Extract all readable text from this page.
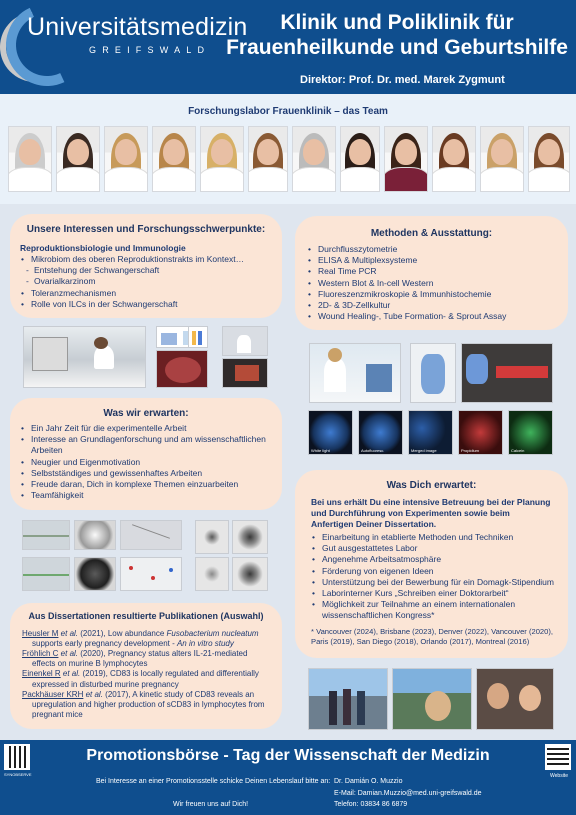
Universitätsmedizin
GREIFSWALD
Klinik und Poliklinik für
Frauenheilkunde und Geburtshilfe
Direktor: Prof. Dr. med. Marek Zygmunt
Forschungslabor Frauenklinik – das Team
Unsere Interessen und Forschungsschwerpunkte:
Reproduktionsbiologie und Immunologie
• Mikrobiom des oberen Reproduktionstrakts im Kontext…
- Entstehung der Schwangerschaft
- Ovarialkarzinom
• Toleranzmechanismen
• Rolle von ILCs in der Schwangerschaft
Methoden & Ausstattung:
• Durchflusszytometrie
• ELISA & Multiplexsysteme
• Real Time PCR
• Western Blot & In-cell Western
• Fluoreszenzmikroskopie & Immunhistochemie
• 2D- & 3D-Zellkultur
• Wound Healing-, Tube Formation- & Sprout Assay
White light	Autofluoresc.	Merged image	Propidium	Calcein
Was wir erwarten:
• Ein Jahr Zeit für die experimentelle Arbeit
• Interesse an Grundlagenforschung und am wissenschaftlichen Arbeiten
• Neugier und Eigenmotivation
• Selbstständiges und gewissenhaftes Arbeiten
• Freude daran, Dich in komplexe Themen einzuarbeiten
• Teamfähigkeit
Was Dich erwartet:
Bei uns erhält Du eine intensive Betreuung bei der Planung und Durchführung von Experimenten sowie beim Anfertigen Deiner Dissertation.
• Einarbeitung in etablierte Methoden und Techniken
• Gut ausgestattetes Labor
• Angenehme Arbeitsatmosphäre
• Förderung von eigenen Ideen
• Unterstützung bei der Bewerbung für ein Domagk-Stipendium
• Laborinterner Kurs „Schreiben einer Doktorarbeit“
• Möglichkeit zur Teilnahme an einem internationalen wissenschaftlichen Kongress*
* Vancouver (2024), Brisbane (2023), Denver (2022), Vancouver (2020), Paris (2019), San Diego (2018), Orlando (2017), Montreal (2016)
Aus Dissertationen resultierte Publikationen (Auswahl)

Heusler M et al. (2021), Low abundance Fusobacterium nucleatum supports early pregnancy development - An in vitro study

Fröhlich C et al. (2020), Pregnancy status alters IL-21-mediated effects on murine B lymphocytes

Einenkel R et al. (2019), CD83 is locally regulated and differentially expressed in disturbed murine pregnancy

Packhäuser KRH et al. (2017), A kinetic study of CD83 reveals an upregulation and higher production of sCD83 in lymphocytes from pregnant mice

SYNOBSERVE
Promotionsbörse - Tag der Wissenschaft der Medizin
Bei Interesse an einer Promotionsstelle schicke Deinen Lebenslauf bitte an:
Wir freuen uns auf Dich!
Dr. Damián O. Muzzio
E-Mail: Damian.Muzzio@med.uni-greifswald.de
Telefon: 03834 86 6879
Website
